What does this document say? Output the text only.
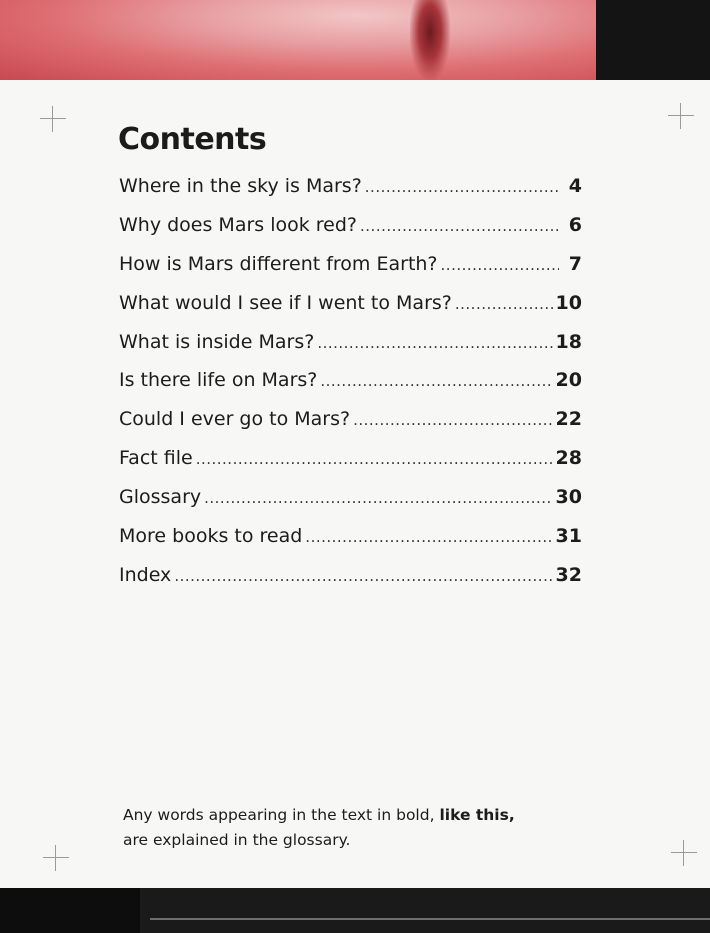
Contents
Where in the sky is Mars? .....	4
Why does Mars look red? .....	6
How is Mars different from Earth? .....	7
What would I see if I went to Mars? .....	10
What is inside Mars? .....	18
Is there life on Mars? .....	20
Could I ever go to Mars? .....	22
Fact file .....	28
Glossary .....	30
More books to read .....	31
Index .....	32
Any words appearing in the text in bold, like this,
are explained in the glossary.
